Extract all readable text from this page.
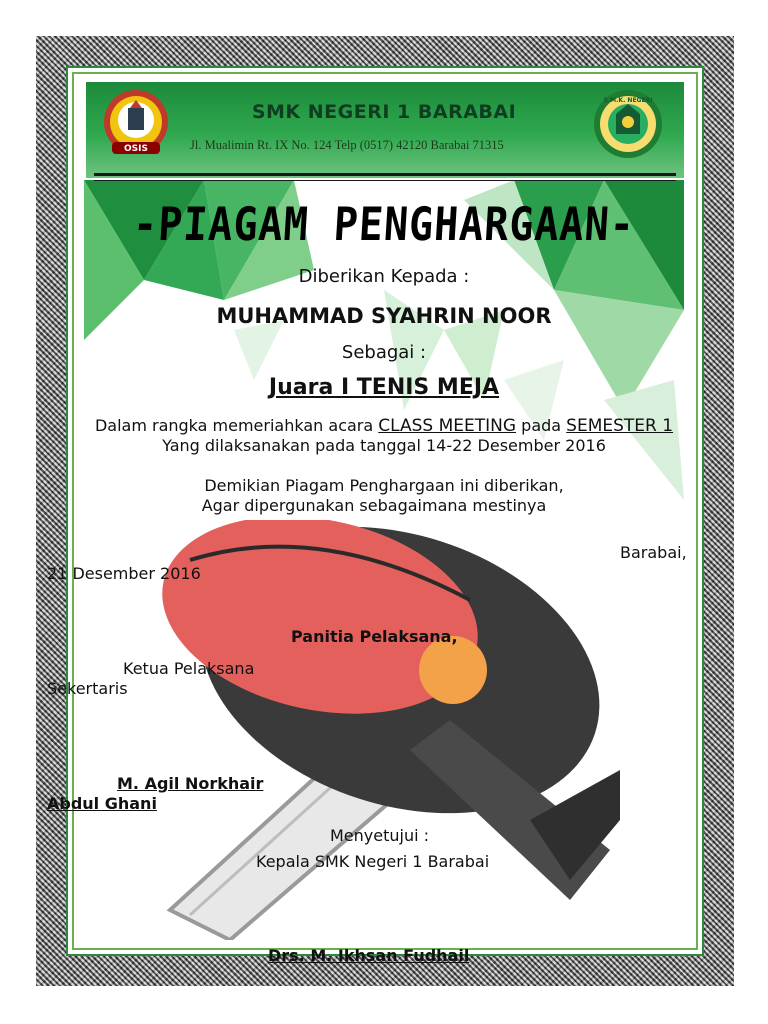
OSIS
S.M.K. NEGERI
SMK NEGERI 1 BARABAI
Jl. Mualimin Rt. IX No. 124 Telp (0517) 42120 Barabai 71315
-PIAGAM PENGHARGAAN-
Diberikan Kepada :
MUHAMMAD SYAHRIN NOOR
Sebagai :
Juara I TENIS MEJA
Dalam rangka memeriahkan acara CLASS MEETING pada SEMESTER 1
Yang dilaksanakan pada tanggal 14-22 Desember 2016
Demikian Piagam Penghargaan ini diberikan,
Agar dipergunakan sebagaimana mestinya
Barabai,
21 Desember 2016
Panitia Pelaksana,
Ketua Pelaksana
Sekertaris
M. Agil Norkhair
Abdul Ghani
Menyetujui :
Kepala SMK Negeri 1 Barabai
Drs. M. Ikhsan Fudhail
